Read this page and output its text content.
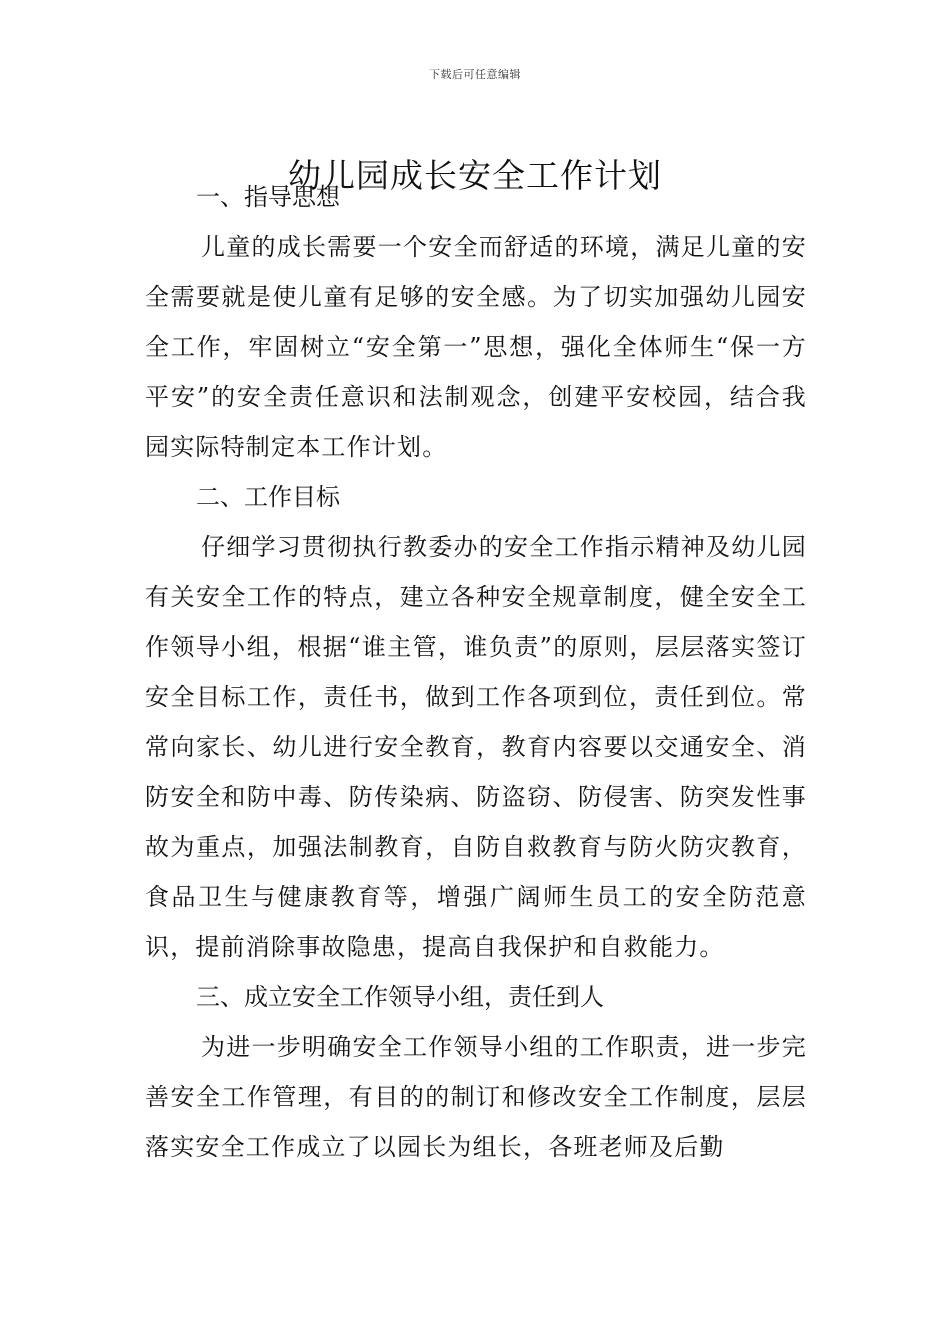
下载后可任意编辑
幼儿园成长安全工作计划

一、指导思想

儿童的成长需要一个安全而舒适的环境，满足儿童的安全需要就是使儿童有足够的安全感。为了切实加强幼儿园安全工作，牢固树立“安全第一”思想，强化全体师生“保一方平安”的安全责任意识和法制观念，创建平安校园，结合我园实际特制定本工作计划。

二、工作目标

仔细学习贯彻执行教委办的安全工作指示精神及幼儿园有关安全工作的特点，建立各种安全规章制度，健全安全工作领导小组，根据“谁主管，谁负责”的原则，层层落实签订安全目标工作，责任书，做到工作各项到位，责任到位。常常向家长、幼儿进行安全教育，教育内容要以交通安全、消防安全和防中毒、防传染病、防盗窃、防侵害、防突发性事故为重点，加强法制教育，自防自救教育与防火防灾教育，食品卫生与健康教育等，增强广阔师生员工的安全防范意识，提前消除事故隐患，提高自我保护和自救能力。

三、成立安全工作领导小组，责任到人

为进一步明确安全工作领导小组的工作职责，进一步完善安全工作管理，有目的的制订和修改安全工作制度，层层落实安全工作成立了以园长为组长，各班老师及后勤
